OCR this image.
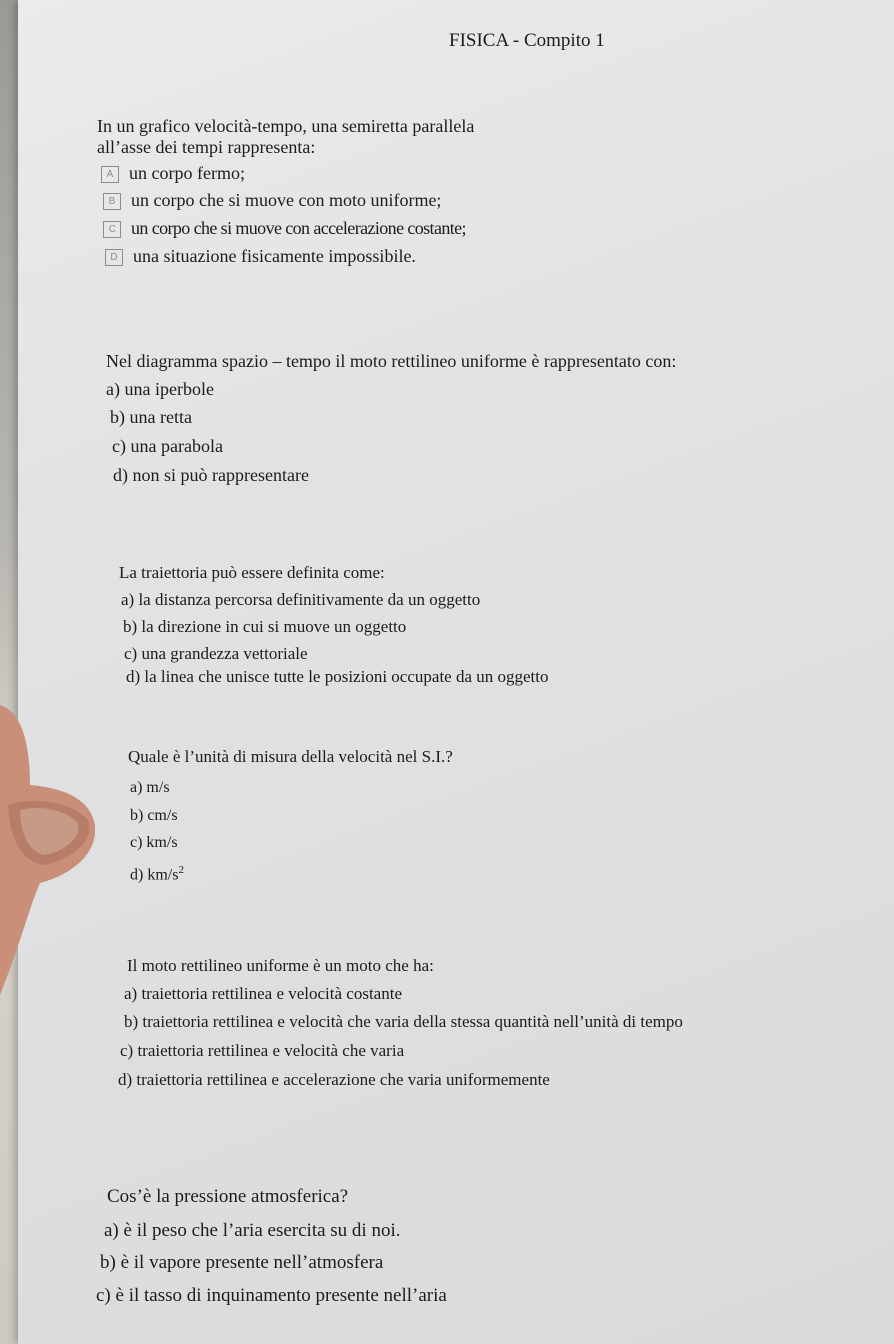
FISICA - Compito 1
In un grafico velocità-tempo, una semiretta parallela
all’asse dei tempi rappresenta:
A un corpo fermo;
B un corpo che si muove con moto uniforme;
C un corpo che si muove con accelerazione costante;
D una situazione fisicamente impossibile.
Nel diagramma spazio – tempo il moto rettilineo uniforme è rappresentato con:
a) una iperbole
b) una retta
c) una parabola
d) non si può rappresentare
La traiettoria può essere definita come:
a) la distanza percorsa definitivamente da un oggetto
b) la direzione in cui si muove un oggetto
c) una grandezza vettoriale
d) la linea che unisce tutte le posizioni occupate da un oggetto
Quale è l’unità di misura della velocità nel S.I.?
a) m/s
b) cm/s
c) km/s
d) $km/s^2$
Il moto rettilineo uniforme è un moto che ha:
a) traiettoria rettilinea e velocità costante
b) traiettoria rettilinea e velocità che varia della stessa quantità nell’unità di tempo
c) traiettoria rettilinea e velocità che varia
d) traiettoria rettilinea e accelerazione che varia uniformemente
Cos’è la pressione atmosferica?
a) è il peso che l’aria esercita su di noi.
b) è il vapore presente nell’atmosfera
c) è il tasso di inquinamento presente nell’aria
